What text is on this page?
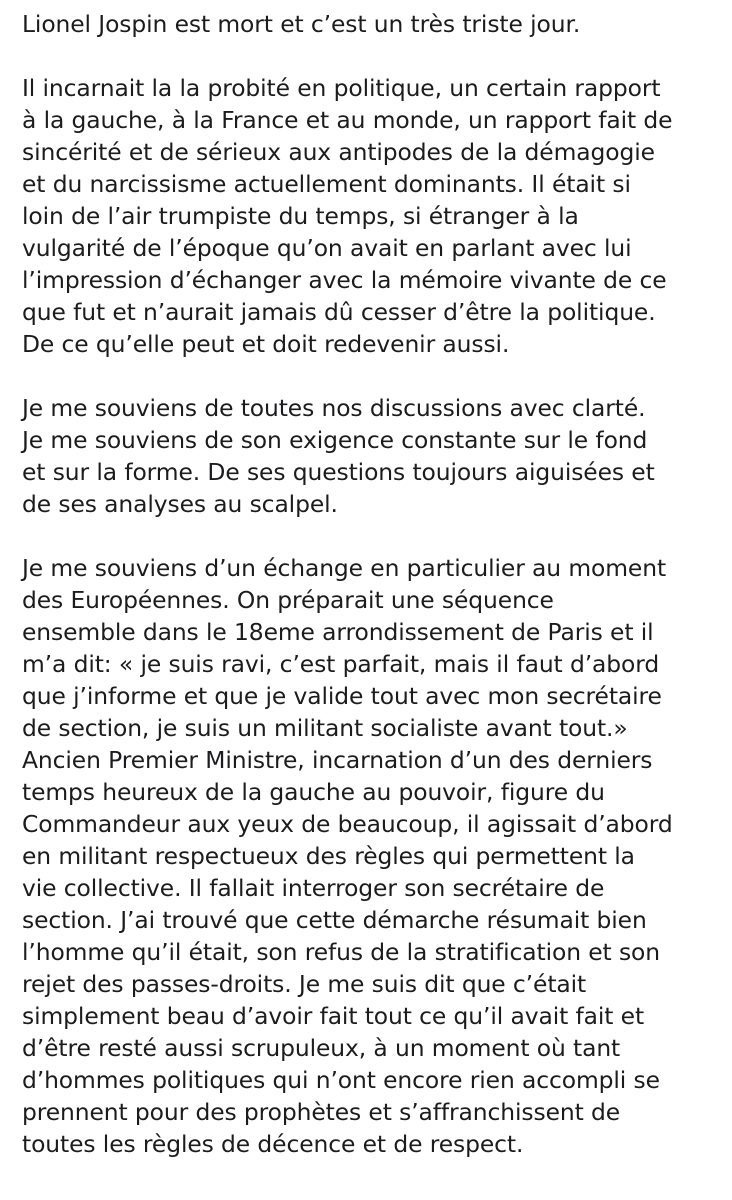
Lionel Jospin est mort et c’est un très triste jour.
Il incarnait la la probité en politique, un certain rapport
à la gauche, à la France et au monde, un rapport fait de
sincérité et de sérieux aux antipodes de la démagogie
et du narcissisme actuellement dominants. Il était si
loin de l’air trumpiste du temps, si étranger à la
vulgarité de l’époque qu’on avait en parlant avec lui
l’impression d’échanger avec la mémoire vivante de ce
que fut et n’aurait jamais dû cesser d’être la politique.
De ce qu’elle peut et doit redevenir aussi.
Je me souviens de toutes nos discussions avec clarté.
Je me souviens de son exigence constante sur le fond
et sur la forme. De ses questions toujours aiguisées et
de ses analyses au scalpel.
Je me souviens d’un échange en particulier au moment
des Européennes. On préparait une séquence
ensemble dans le 18eme arrondissement de Paris et il
m’a dit: « je suis ravi, c’est parfait, mais il faut d’abord
que j’informe et que je valide tout avec mon secrétaire
de section, je suis un militant socialiste avant tout.»
Ancien Premier Ministre, incarnation d’un des derniers
temps heureux de la gauche au pouvoir, figure du
Commandeur aux yeux de beaucoup, il agissait d’abord
en militant respectueux des règles qui permettent la
vie collective. Il fallait interroger son secrétaire de
section. J’ai trouvé que cette démarche résumait bien
l’homme qu’il était, son refus de la stratification et son
rejet des passes-droits. Je me suis dit que c’était
simplement beau d’avoir fait tout ce qu’il avait fait et
d’être resté aussi scrupuleux, à un moment où tant
d’hommes politiques qui n’ont encore rien accompli se
prennent pour des prophètes et s’affranchissent de
toutes les règles de décence et de respect.
